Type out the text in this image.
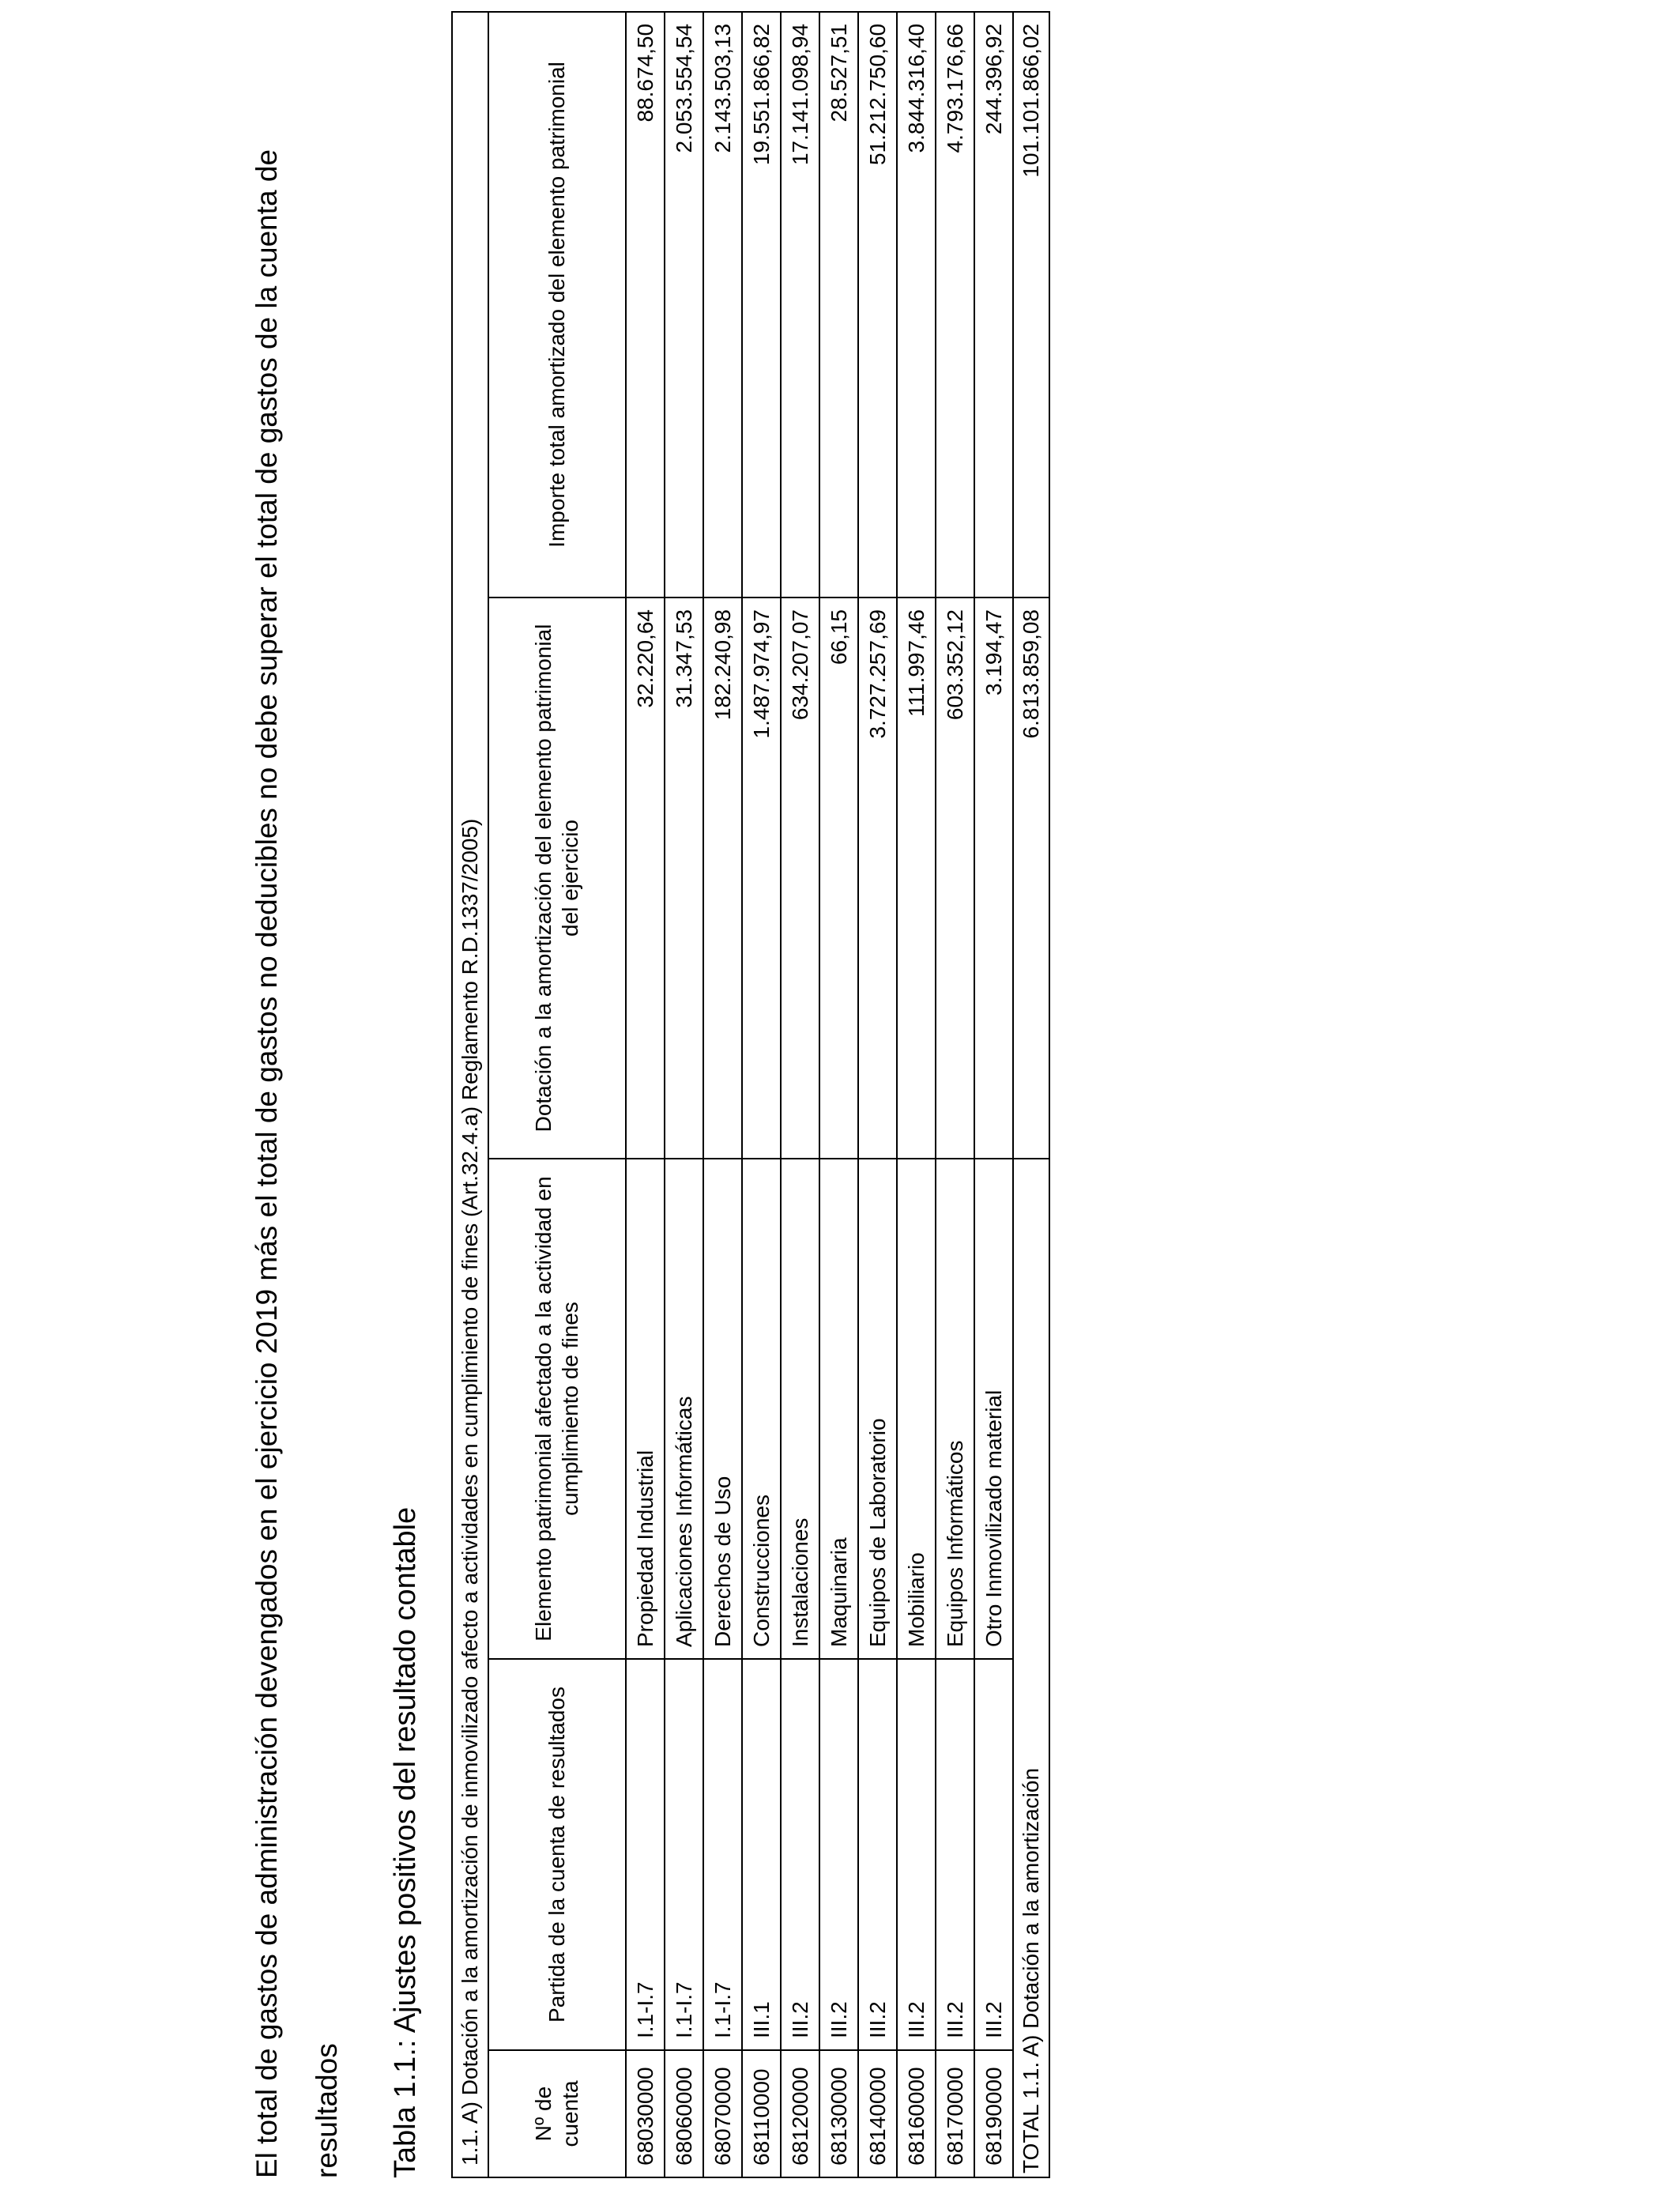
El total de gastos de administración devengados en el ejercicio 2019 más el total de gastos no deducibles no debe superar el total de gastos de la cuenta de resultados	Tabla 1.1.: Ajustes positivos del resultado contable 1.1. A) Dotación a la amortización de inmovilizado afecto a actividades en cumplimiento de fines (Art.32.4.a) Reglamento R.D.1337/2005)				
Nº de cuenta	Partida de la cuenta de resultados	Elemento patrimonial afectado a la actividad en cumplimiento de fines	Dotación a la amortización del elemento patrimonial del ejercicio	Importe total amortizado del elemento patrimonial
68030000	I.1-I.7	Propiedad Industrial	32.220,64	88.674,50
68060000	I.1-I.7	Aplicaciones Informáticas	31.347,53	2.053.554,54
68070000	I.1-I.7	Derechos de Uso	182.240,98	2.143.503,13
68110000	III.1	Construcciones	1.487.974,97	19.551.866,82
68120000	III.2	Instalaciones	634.207,07	17.141.098,94
68130000	III.2	Maquinaria	66,15	28.527,51
68140000	III.2	Equipos de Laboratorio	3.727.257,69	51.212.750,60
68160000	III.2	Mobiliario	111.997,46	3.844.316,40
68170000	III.2	Equipos Informáticos	603.352,12	4.793.176,66
68190000	III.2	Otro Inmovilizado material	3.194,47	244.396,92
TOTAL 1.1. A) Dotación a la amortización			6.813.859,08	101.101.866,02
